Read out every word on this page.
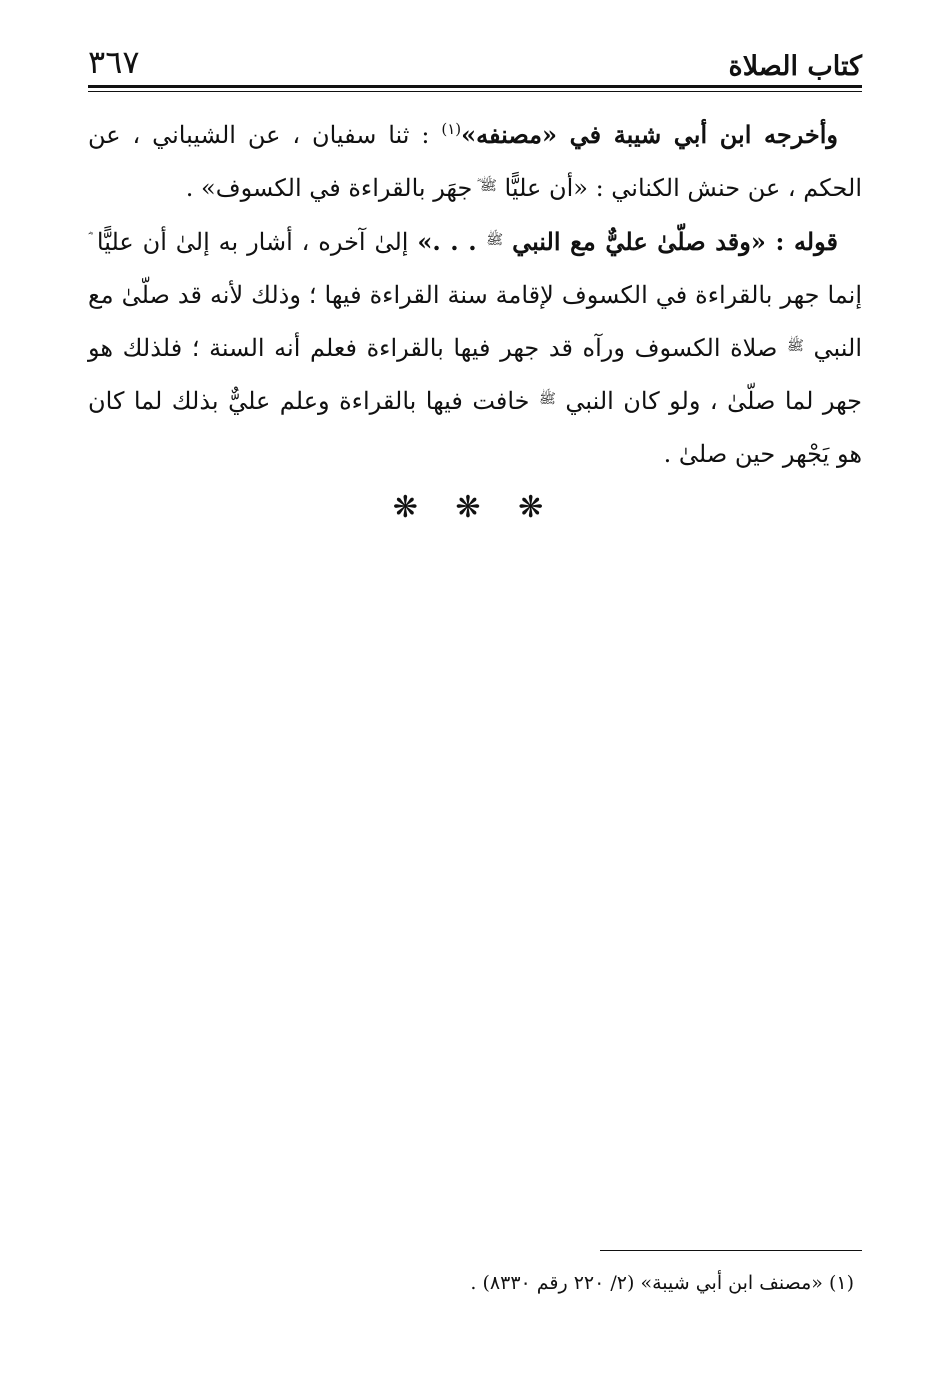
كتاب الصلاة
٣٦٧

وأخرجه ابن أبي شيبة في «مصنفه»$^{(١)}$ : ثنا سفيان ، عن الشيباني ، عن الحكم ، عن حنش الكناني : «أن عليًّا $^{ﷺ‬ؓ}$ جهَر بالقراءة في الكسوف» .

قوله : «وقد صلّىٰ عليٌّ مع النبي $^ﷺ$ . . .» إلىٰ آخره ، أشار به إلىٰ أن عليًّا إنما جهر بالقراءة في الكسوف لإقامة سنة القراءة فيها ؛ وذلك لأنه قد صلّىٰ مع النبي $^ﷺ$ صلاة الكسوف ورآه قد جهر فيها بالقراءة فعلم أنه السنة ؛ فلذلك هو جهر لما صلّىٰ ، ولو كان النبي $^ﷺ$ خافت فيها بالقراءة وعلم عليٌّ بذلك لما كان هو يَجْهر حين صلىٰ .

❋ ❋ ❋
(١) «مصنف ابن أبي شيبة» (٢/ ٢٢٠ رقم ٨٣٣٠) .
